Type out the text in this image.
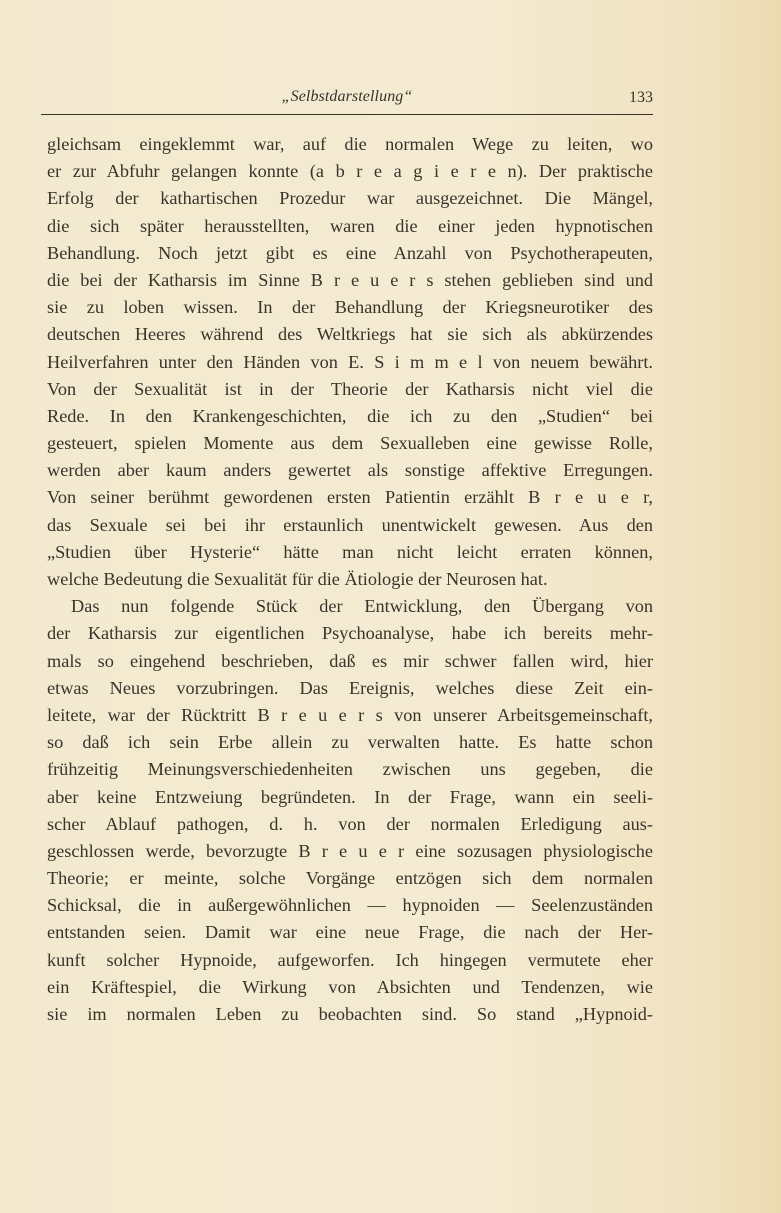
„Selbstdarstellung“	133
gleichsam eingeklemmt war, auf die normalen Wege zu leiten, wo
er zur Abfuhr gelangen konnte (a b r e a g i e r e n). Der praktische
Erfolg der kathartischen Prozedur war ausgezeichnet. Die Mängel,
die sich später herausstellten, waren die einer jeden hypnotischen
Behandlung. Noch jetzt gibt es eine Anzahl von Psychotherapeuten,
die bei der Katharsis im Sinne B r e u e r s stehen geblieben sind und
sie zu loben wissen. In der Behandlung der Kriegsneurotiker des
deutschen Heeres während des Weltkriegs hat sie sich als abkürzendes
Heilverfahren unter den Händen von E. S i m m e l von neuem bewährt.
Von der Sexualität ist in der Theorie der Katharsis nicht viel die
Rede. In den Krankengeschichten, die ich zu den „Studien“ bei
gesteuert, spielen Momente aus dem Sexualleben eine gewisse Rolle,
werden aber kaum anders gewertet als sonstige affektive Erregungen.
Von seiner berühmt gewordenen ersten Patientin erzählt B r e u e r,
das Sexuale sei bei ihr erstaunlich unentwickelt gewesen. Aus den
„Studien über Hysterie“ hätte man nicht leicht erraten können,
welche Bedeutung die Sexualität für die Ätiologie der Neurosen hat.
Das nun folgende Stück der Entwicklung, den Übergang von
der Katharsis zur eigentlichen Psychoanalyse, habe ich bereits mehr-
mals so eingehend beschrieben, daß es mir schwer fallen wird, hier
etwas Neues vorzubringen. Das Ereignis, welches diese Zeit ein-
leitete, war der Rücktritt B r e u e r s von unserer Arbeitsgemeinschaft,
so daß ich sein Erbe allein zu verwalten hatte. Es hatte schon
frühzeitig Meinungsverschiedenheiten zwischen uns gegeben, die
aber keine Entzweiung begründeten. In der Frage, wann ein seeli-
scher Ablauf pathogen, d. h. von der normalen Erledigung aus-
geschlossen werde, bevorzugte B r e u e r eine sozusagen physiologische
Theorie; er meinte, solche Vorgänge entzögen sich dem normalen
Schicksal, die in außergewöhnlichen — hypnoiden — Seelenzuständen
entstanden seien. Damit war eine neue Frage, die nach der Her-
kunft solcher Hypnoide, aufgeworfen. Ich hingegen vermutete eher
ein Kräftespiel, die Wirkung von Absichten und Tendenzen, wie
sie im normalen Leben zu beobachten sind. So stand „Hypnoid-
